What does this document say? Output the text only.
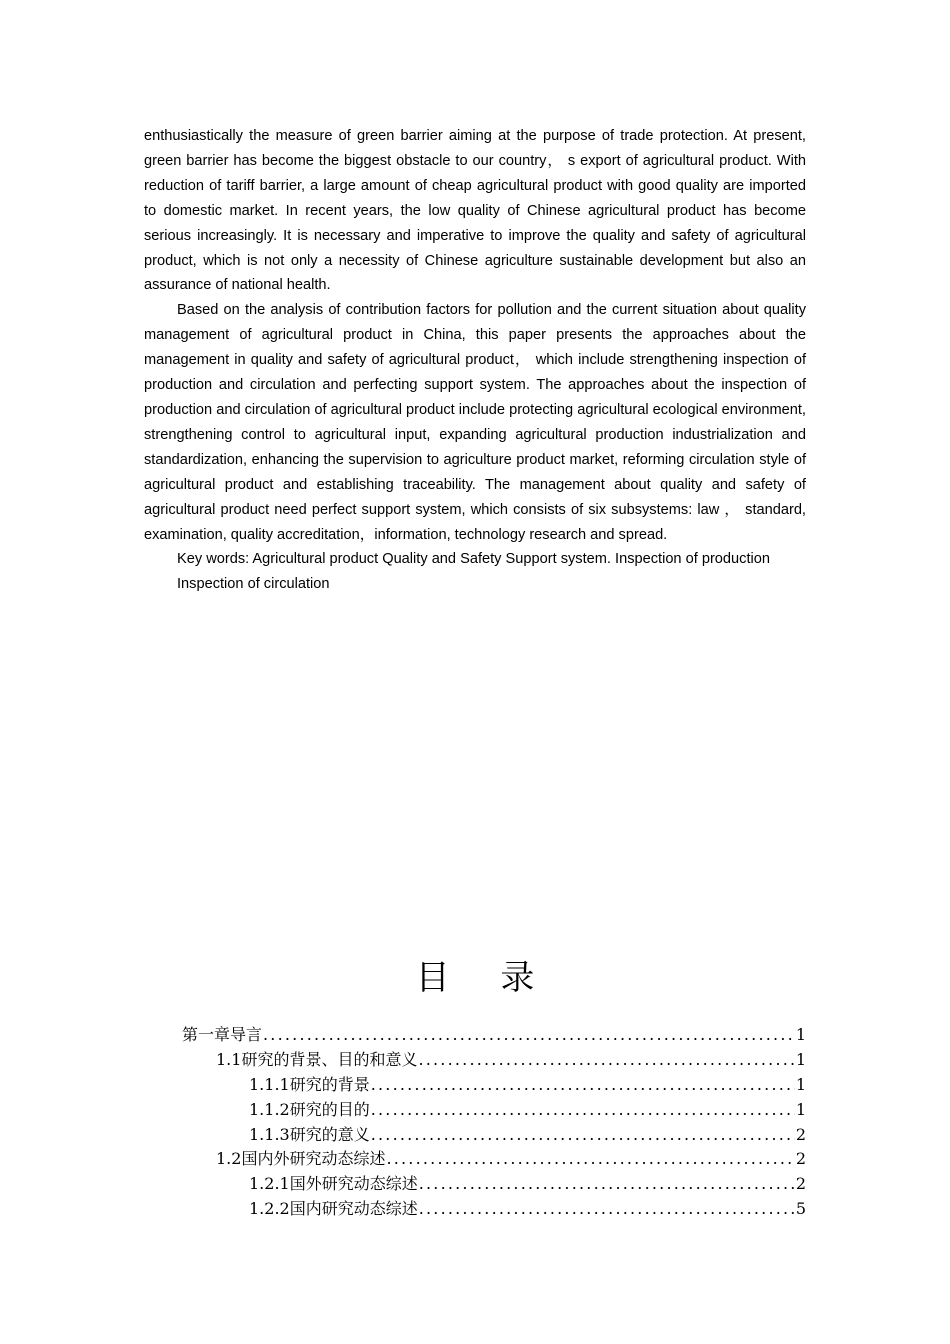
enthusiastically the measure of green barrier aiming at the purpose of trade protection. At present, green barrier has become the biggest obstacle to our country， s export of agricultural product. With reduction of tariff barrier, a large amount of cheap agricultural product with good quality are imported to domestic market. In recent years, the low quality of Chinese agricultural product has become serious increasingly. It is necessary and imperative to improve the quality and safety of agricultural product, which is not only a necessity of Chinese agriculture sustainable development but also an assurance of national health.

Based on the analysis of contribution factors for pollution and the current situation about quality management of agricultural product in China, this paper presents the approaches about the management in quality and safety of agricultural product， which include strengthening inspection of production and circulation and perfecting support system. The approaches about the inspection of production and circulation of agricultural product include protecting agricultural ecological environment, strengthening control to agricultural input, expanding agricultural production industrialization and standardization, enhancing the supervision to agriculture product market, reforming circulation style of agricultural product and establishing traceability. The management about quality and safety of agricultural product need perfect support system, which consists of six subsystems: law ， standard, examination, quality accreditation，information, technology research and spread.

Key words: Agricultural product Quality and Safety Support system. Inspection of production Inspection of circulation

目 录
第一章导言 .....	1
1.1研究的背景、目的和意义 .....	1
1.1.1研究的背景 .....	1
1.1.2研究的目的 .....	1
1.1.3研究的意义 .....	2
1.2国内外研究动态综述 .....	2
1.2.1国外研究动态综述 .....	2
1.2.2国内研究动态综述 .....	5
